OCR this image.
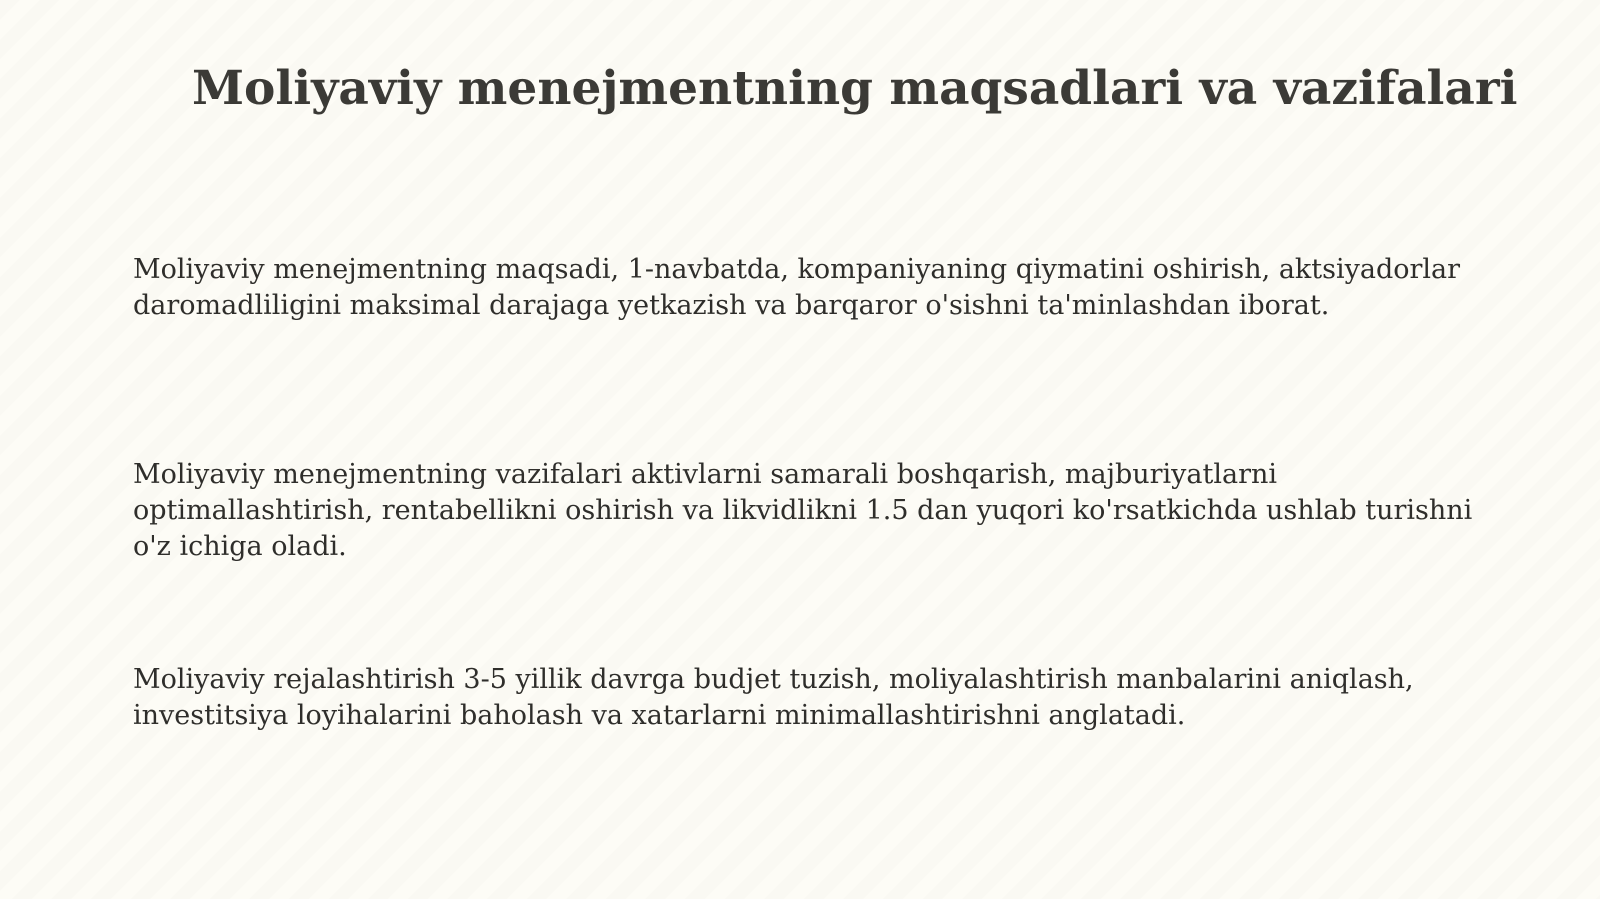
Moliyaviy menejmentning maqsadlari va vazifalari

Moliyaviy menejmentning maqsadi, 1-navbatda, kompaniyaning qiymatini oshirish, aktsiyadorlar daromadliligini maksimal darajaga yetkazish va barqaror o'sishni ta'minlashdan iborat.

Moliyaviy menejmentning vazifalari aktivlarni samarali boshqarish, majburiyatlarni optimallashtirish, rentabellikni oshirish va likvidlikni 1.5 dan yuqori ko'rsatkichda ushlab turishni o'z ichiga oladi.

Moliyaviy rejalashtirish 3-5 yillik davrga budjet tuzish, moliyalashtirish manbalarini aniqlash, investitsiya loyihalarini baholash va xatarlarni minimallashtirishni anglatadi.
